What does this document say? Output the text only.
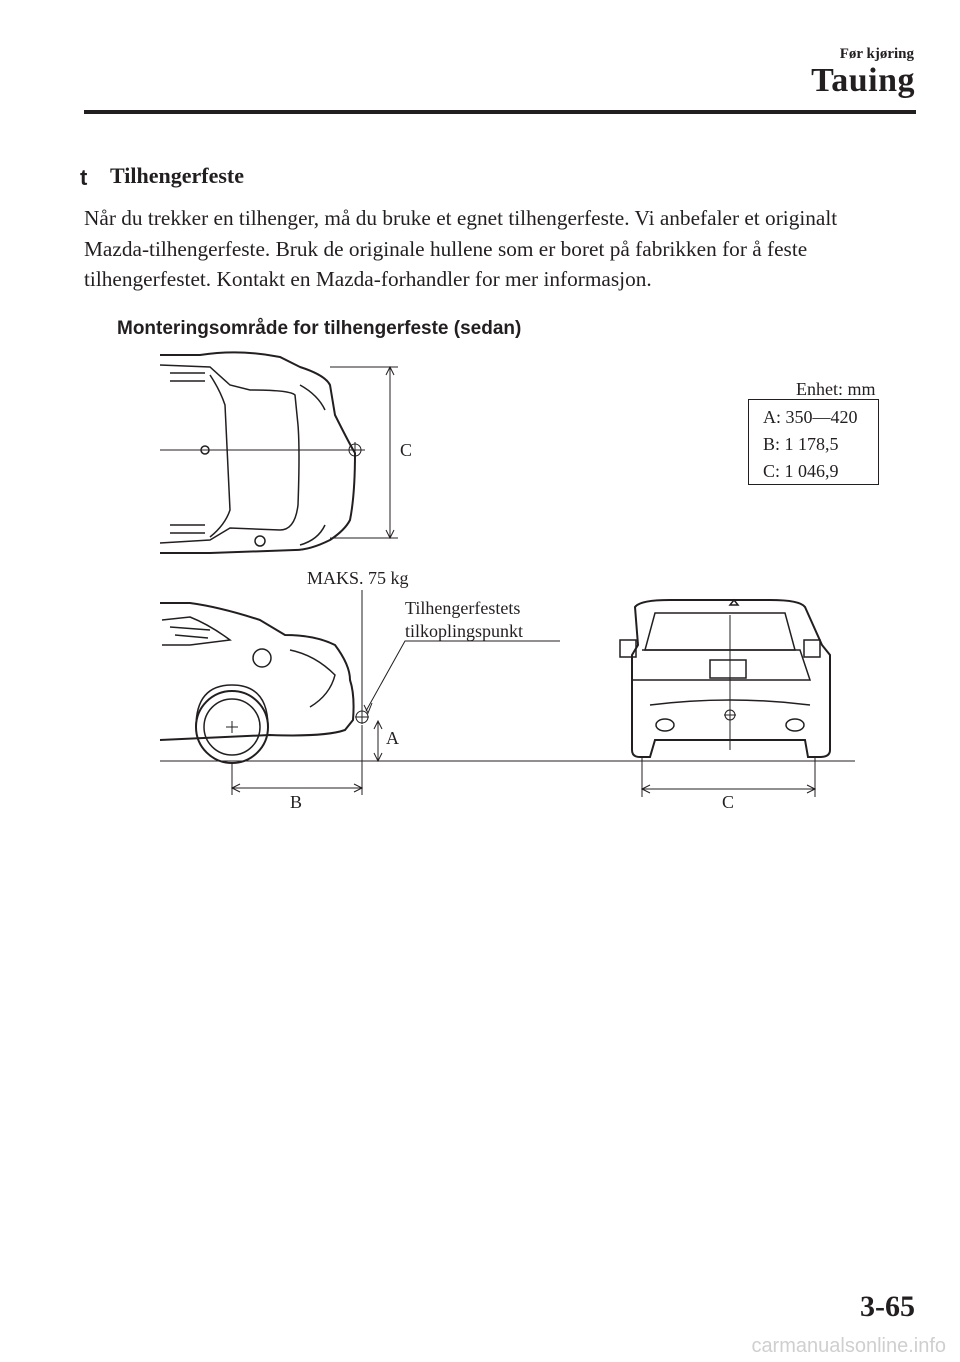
Før kjøring
Tauing
t Tilhengerfeste

Når du trekker en tilhenger, må du bruke et egnet tilhengerfeste. Vi anbefaler et originalt

Mazda-tilhengerfeste. Bruk de originale hullene som er boret på fabrikken for å feste

tilhengerfestet. Kontakt en Mazda-forhandler for mer informasjon.

Monteringsområde for tilhengerfeste (sedan)
Enhet: mm
A: 350—420
B: 1 178,5
C: 1 046,9
C
MAKS. 75 kg
Tilhengerfestets
tilkoplingspunkt
A
B	C
3-65
carmanualsonline.info
